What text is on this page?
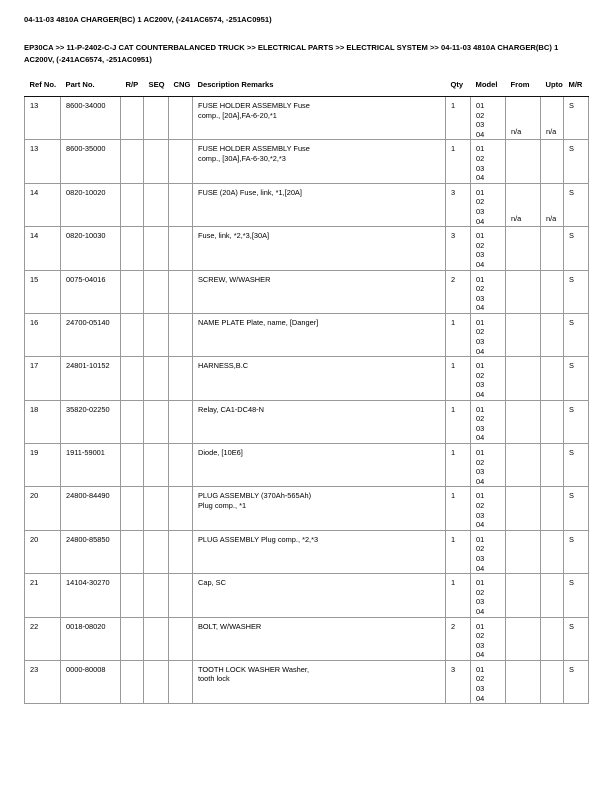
04-11-03 4810A CHARGER(BC) 1 AC200V, (-241AC6574, -251AC0951)
EP30CA >> 11-P-2402-C-J CAT COUNTERBALANCED TRUCK >> ELECTRICAL PARTS >> ELECTRICAL SYSTEM >> 04-11-03 4810A CHARGER(BC) 1 AC200V, (-241AC6574, -251AC0951)
Ref No.	Part No.	R/P	SEQ	CNG	Description Remarks	Qty	Model	From	Upto	M/R

13	8600-34000				FUSE HOLDER ASSEMBLY Fuse
comp., [20A],FA-6-20,*1	1	01
02
03
04	n/a	n/a	S
13	8600-35000				FUSE HOLDER ASSEMBLY Fuse
comp., [30A],FA-6-30,*2,*3	1	01
02
03
04			S
14	0820-10020				FUSE (20A) Fuse, link, *1,[20A]	3	01
02
03
04	n/a	n/a	S
14	0820-10030				Fuse, link, *2,*3,[30A]	3	01
02
03
04			S
15	0075-04016				SCREW, W/WASHER	2	01
02
03
04			S
16	24700-05140				NAME PLATE Plate, name, [Danger]	1	01
02
03
04			S
17	24801-10152				HARNESS,B.C	1	01
02
03
04			S
18	35820-02250				Relay, CA1-DC48-N	1	01
02
03
04			S
19	1911-59001				Diode, [10E6]	1	01
02
03
04			S
20	24800-84490				PLUG ASSEMBLY (370Ah-565Ah)
Plug comp., *1	1	01
02
03
04			S
20	24800-85850				PLUG ASSEMBLY Plug comp., *2,*3	1	01
02
03
04			S
21	14104-30270				Cap, SC	1	01
02
03
04			S
22	0018-08020				BOLT, W/WASHER	2	01
02
03
04			S
23	0000-80008				TOOTH LOCK WASHER Washer,
tooth lock	3	01
02
03
04			S
